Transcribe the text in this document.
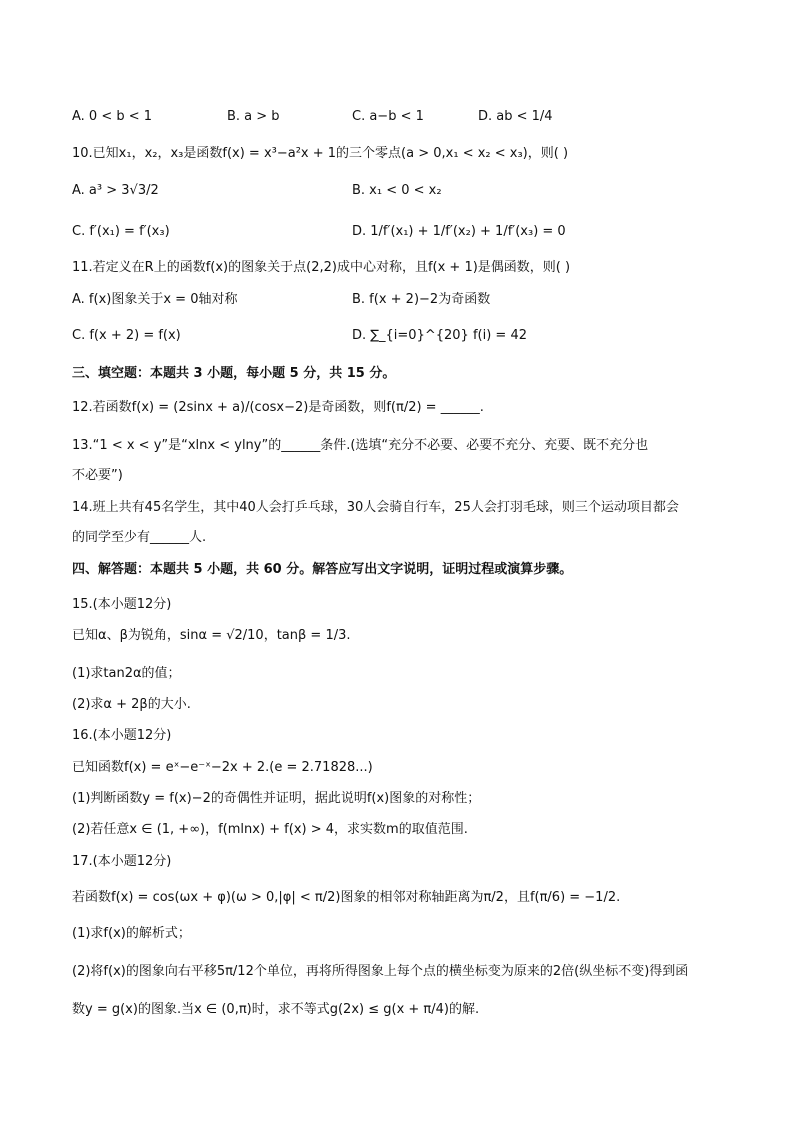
A. 0 < b < 1	B. a > b	C. a−b < 1	D. ab < 1/4
10.已知x₁，x₂，x₃是函数f(x) = x³−a²x + 1的三个零点(a > 0,x₁ < x₂ < x₃)，则( )
A. a³ > 3√3/2	B. x₁ < 0 < x₂
C. f′(x₁) = f′(x₃)	D. 1/f′(x₁) + 1/f′(x₂) + 1/f′(x₃) = 0
11.若定义在R上的函数f(x)的图象关于点(2,2)成中心对称，且f(x + 1)是偶函数，则( )
A. f(x)图象关于x = 0轴对称	B. f(x + 2)−2为奇函数
C. f(x + 2) = f(x)	D. ∑_{i=0}^{20} f(i) = 42
三、填空题：本题共 3 小题，每小题 5 分，共 15 分。
12.若函数f(x) = (2sinx + a)/(cosx−2)是奇函数，则f(π/2) = ______.
13.“1 < x < y”是“xlnx < ylny”的______条件.(选填“充分不必要、必要不充分、充要、既不充分也
不必要”)
14.班上共有45名学生，其中40人会打乒乓球，30人会骑自行车，25人会打羽毛球，则三个运动项目都会
的同学至少有______人.
四、解答题：本题共 5 小题，共 60 分。解答应写出文字说明，证明过程或演算步骤。
15.(本小题12分)
已知α、β为锐角，sinα = √2/10，tanβ = 1/3.
(1)求tan2α的值；
(2)求α + 2β的大小.
16.(本小题12分)
已知函数f(x) = eˣ−e⁻ˣ−2x + 2.(e = 2.71828...)
(1)判断函数y = f(x)−2的奇偶性并证明，据此说明f(x)图象的对称性；
(2)若任意x ∈ (1, +∞)，f(mlnx) + f(x) > 4，求实数m的取值范围.
17.(本小题12分)
若函数f(x) = cos(ωx + φ)(ω > 0,|φ| < π/2)图象的相邻对称轴距离为π/2，且f(π/6) = −1/2.
(1)求f(x)的解析式；
(2)将f(x)的图象向右平移5π/12个单位，再将所得图象上每个点的横坐标变为原来的2倍(纵坐标不变)得到函
数y = g(x)的图象.当x ∈ (0,π)时，求不等式g(2x) ≤ g(x + π/4)的解.
